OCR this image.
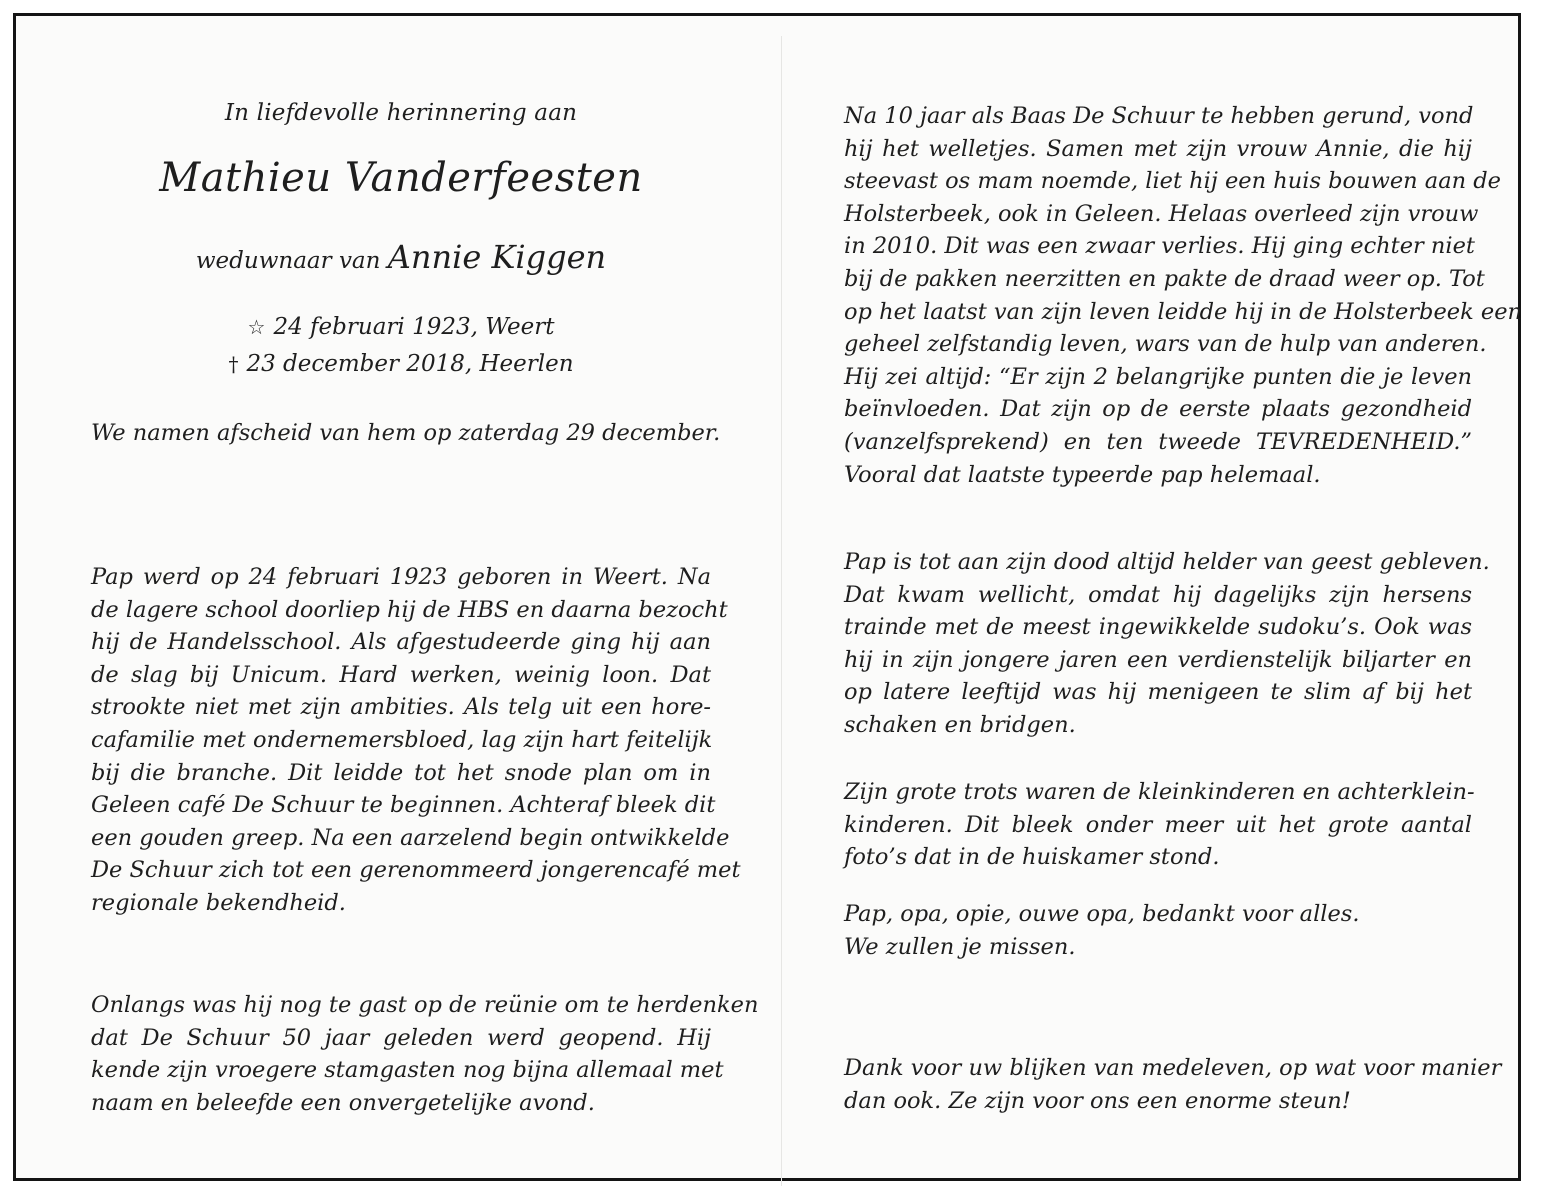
In liefdevolle herinnering aan
Mathieu Vanderfeesten
weduwnaar van Annie Kiggen
☆ 24 februari 1923, Weert
† 23 december 2018, Heerlen

We namen afscheid van hem op zaterdag 29 december.

Pap werd op 24 februari 1923 geboren in Weert. Na
de lagere school doorliep hij de HBS en daarna bezocht
hij de Handelsschool. Als afgestudeerde ging hij aan
de slag bij Unicum. Hard werken, weinig loon. Dat
strookte niet met zijn ambities. Als telg uit een hore-
cafamilie met ondernemersbloed, lag zijn hart feitelijk
bij die branche. Dit leidde tot het snode plan om in
Geleen café De Schuur te beginnen. Achteraf bleek dit
een gouden greep. Na een aarzelend begin ontwikkelde
De Schuur zich tot een gerenommeerd jongerencafé met
regionale bekendheid.

Onlangs was hij nog te gast op de reünie om te herdenken
dat De Schuur 50 jaar geleden werd geopend. Hij
kende zijn vroegere stamgasten nog bijna allemaal met
naam en beleefde een onvergetelijke avond.

Na 10 jaar als Baas De Schuur te hebben gerund, vond
hij het welletjes. Samen met zijn vrouw Annie, die hij
steevast os mam noemde, liet hij een huis bouwen aan de
Holsterbeek, ook in Geleen. Helaas overleed zijn vrouw
in 2010. Dit was een zwaar verlies. Hij ging echter niet
bij de pakken neerzitten en pakte de draad weer op. Tot
op het laatst van zijn leven leidde hij in de Holsterbeek een
geheel zelfstandig leven, wars van de hulp van anderen.
Hij zei altijd: “Er zijn 2 belangrijke punten die je leven
beïnvloeden. Dat zijn op de eerste plaats gezondheid
(vanzelfsprekend) en ten tweede TEVREDENHEID.”
Vooral dat laatste typeerde pap helemaal.

Pap is tot aan zijn dood altijd helder van geest gebleven.
Dat kwam wellicht, omdat hij dagelijks zijn hersens
trainde met de meest ingewikkelde sudoku’s. Ook was
hij in zijn jongere jaren een verdienstelijk biljarter en
op latere leeftijd was hij menigeen te slim af bij het
schaken en bridgen.

Zijn grote trots waren de kleinkinderen en achterklein-
kinderen. Dit bleek onder meer uit het grote aantal
foto’s dat in de huiskamer stond.

Pap, opa, opie, ouwe opa, bedankt voor alles.
We zullen je missen.

Dank voor uw blijken van medeleven, op wat voor manier
dan ook. Ze zijn voor ons een enorme steun!
